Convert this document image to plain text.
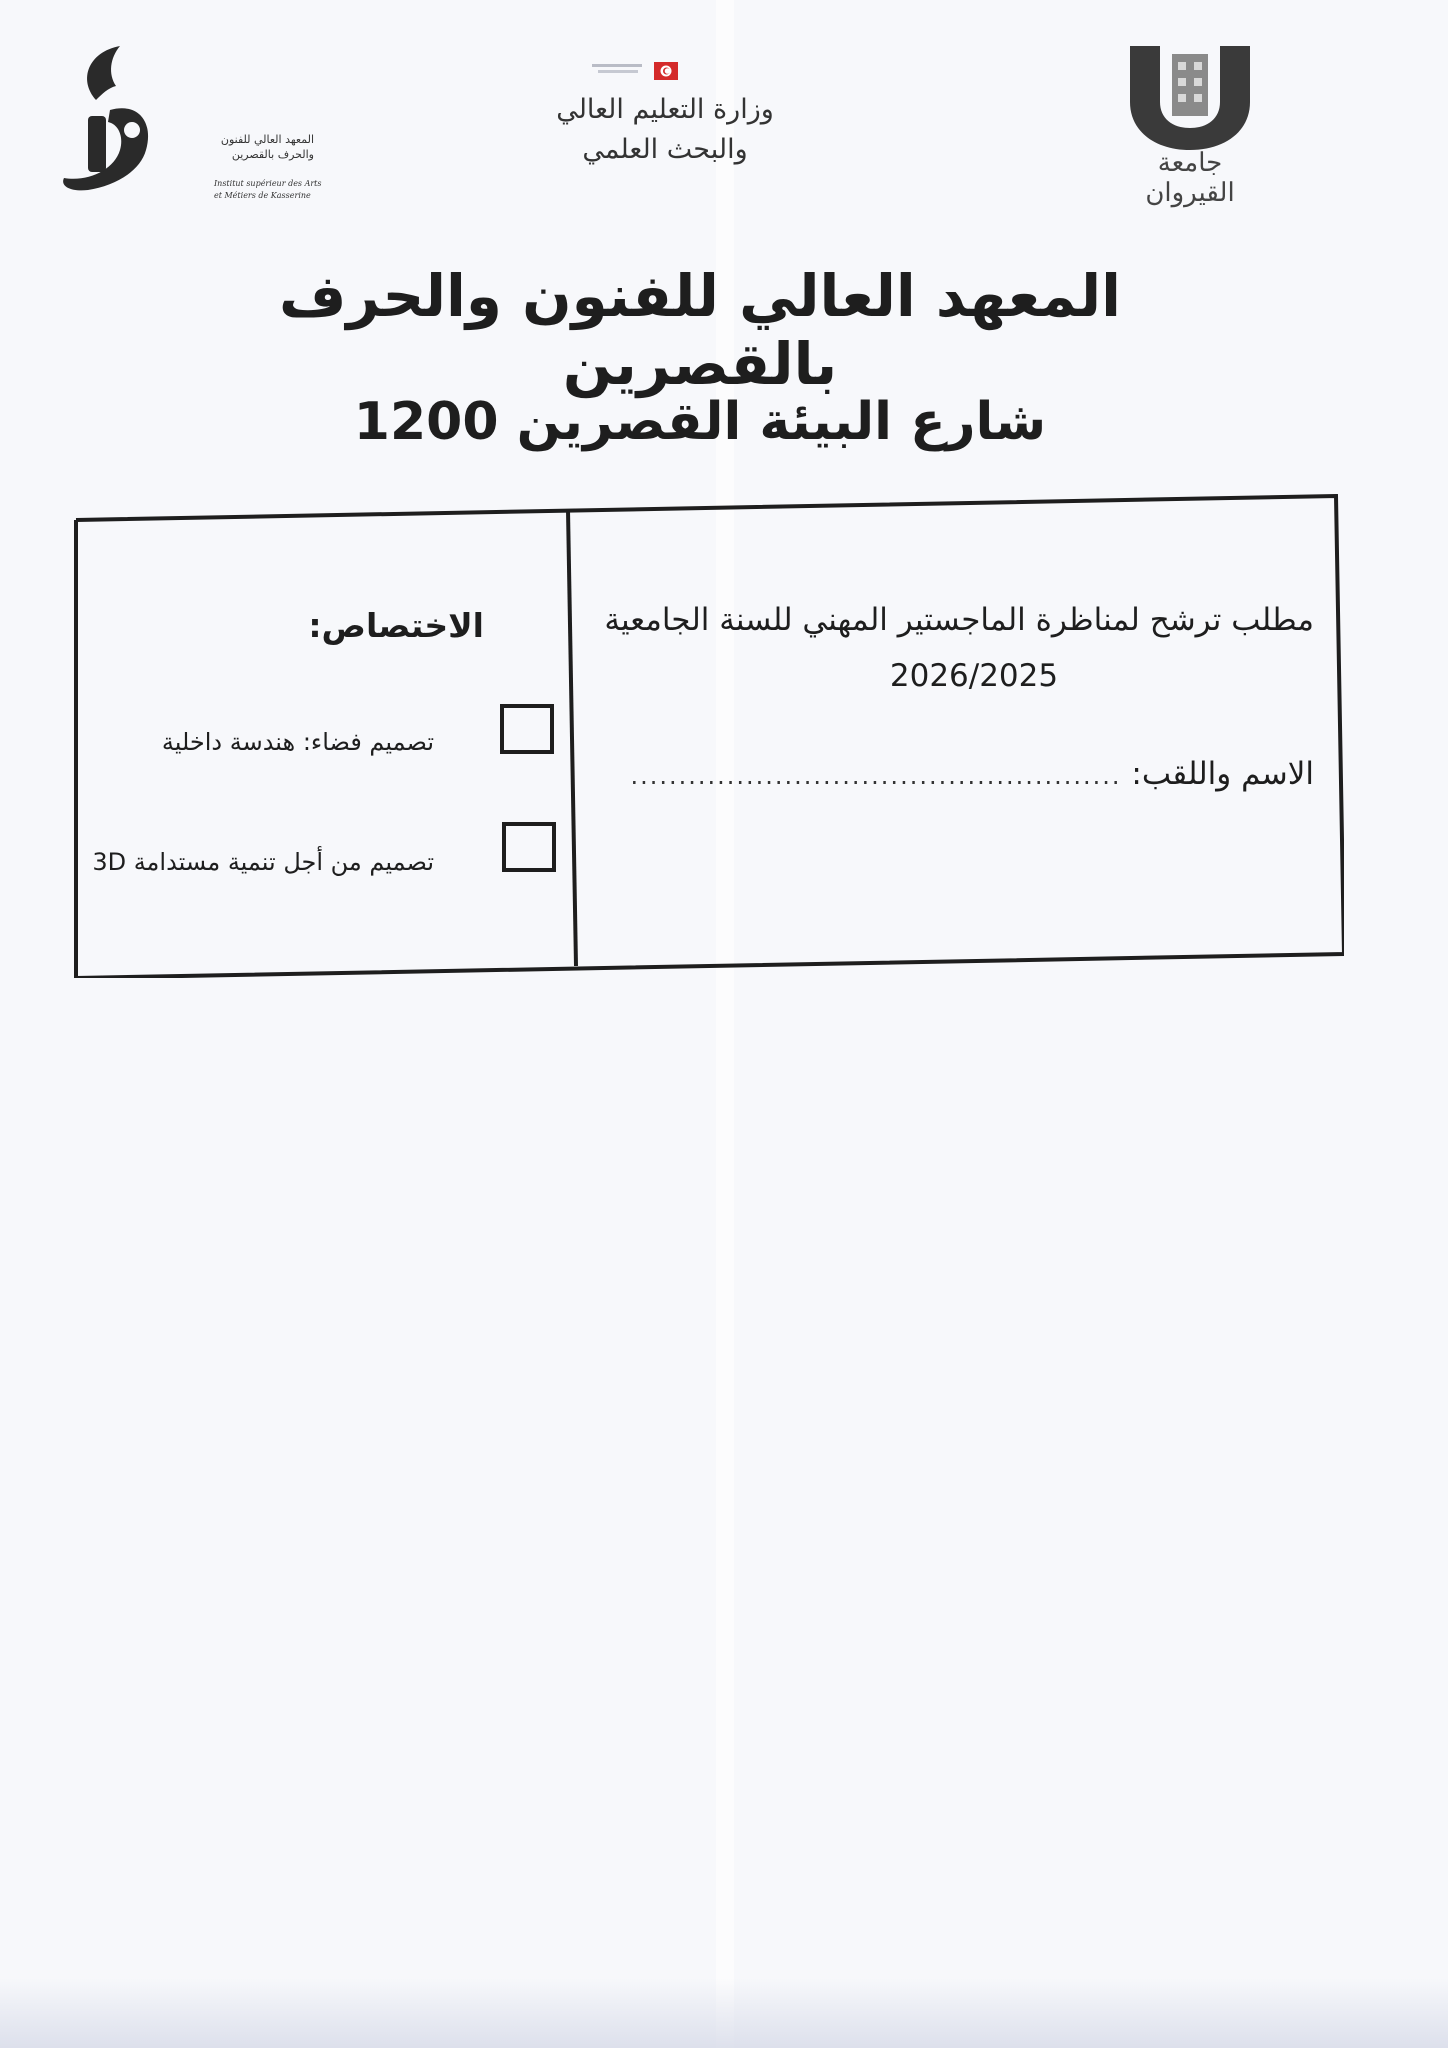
المعهد العالي للفنون والحرف بالقصرين
Institut supérieur des Arts et Métiers de Kasserine
وزارة التعليم العالي
والبحث العلمي	جامعة القيروان
المعهد العالي للفنون والحرف بالقصرين
شارع البيئة القصرين 1200
مطلب ترشح لمناظرة الماجستير المهني للسنة الجامعية
2026/2025
الاسم واللقب: ...................................................
الاختصاص:
تصميم فضاء: هندسة داخلية
تصميم من أجل تنمية مستدامة 3D
